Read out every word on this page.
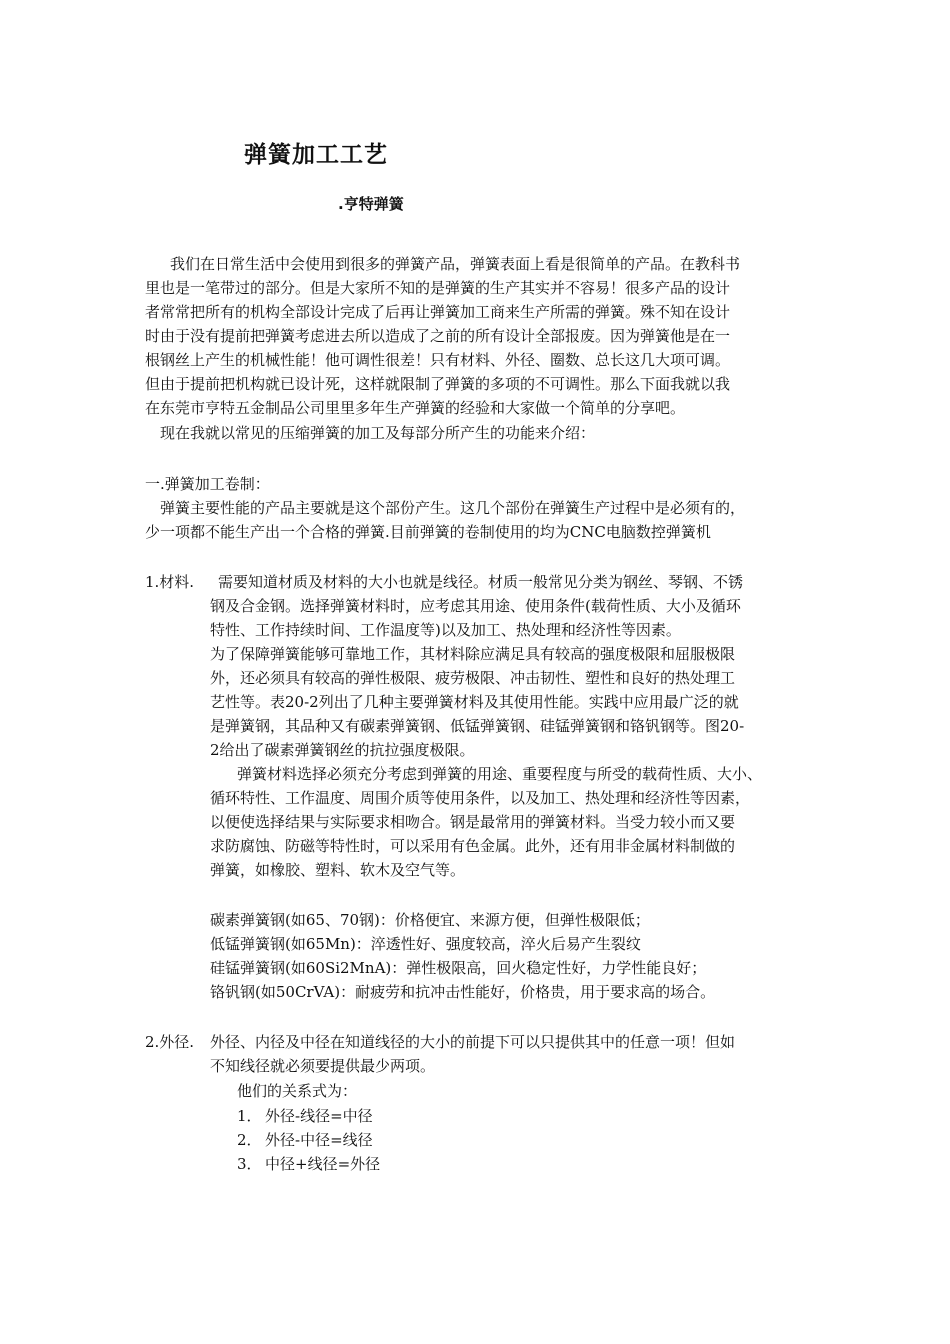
弹簧加工工艺

.亨特弹簧

我们在日常生活中会使用到很多的弹簧产品，弹簧表面上看是很简单的产品。在教科书

里也是一笔带过的部分。但是大家所不知的是弹簧的生产其实并不容易！很多产品的设计

者常常把所有的机构全部设计完成了后再让弹簧加工商来生产所需的弹簧。殊不知在设计

时由于没有提前把弹簧考虑进去所以造成了之前的所有设计全部报废。因为弹簧他是在一

根钢丝上产生的机械性能！他可调性很差！只有材料、外径、圈数、总长这几大项可调。

但由于提前把机构就已设计死，这样就限制了弹簧的多项的不可调性。那么下面我就以我

在东莞市亨特五金制品公司里里多年生产弹簧的经验和大家做一个简单的分享吧。

现在我就以常见的压缩弹簧的加工及每部分所产生的功能来介绍：

一.弹簧加工卷制：

弹簧主要性能的产品主要就是这个部份产生。这几个部份在弹簧生产过程中是必须有的，

少一项都不能生产出一个合格的弹簧.目前弹簧的卷制使用的均为CNC电脑数控弹簧机

1.材料. 需要知道材质及材料的大小也就是线径。材质一般常见分类为钢丝、琴钢、不锈

钢及合金钢。选择弹簧材料时，应考虑其用途、使用条件(载荷性质、大小及循环

特性、工作持续时间、工作温度等)以及加工、热处理和经济性等因素。

为了保障弹簧能够可靠地工作，其材料除应满足具有较高的强度极限和屈服极限

外，还必须具有较高的弹性极限、疲劳极限、冲击韧性、塑性和良好的热处理工

艺性等。表20-2列出了几种主要弹簧材料及其使用性能。实践中应用最广泛的就

是弹簧钢，其品种又有碳素弹簧钢、低锰弹簧钢、硅锰弹簧钢和铬钒钢等。图20-

2给出了碳素弹簧钢丝的抗拉强度极限。

弹簧材料选择必须充分考虑到弹簧的用途、重要程度与所受的载荷性质、大小、

循环特性、工作温度、周围介质等使用条件，以及加工、热处理和经济性等因素，

以便使选择结果与实际要求相吻合。钢是最常用的弹簧材料。当受力较小而又要

求防腐蚀、防磁等特性时，可以采用有色金属。此外，还有用非金属材料制做的

弹簧，如橡胶、塑料、软木及空气等。

碳素弹簧钢(如65、70钢)：价格便宜、来源方便，但弹性极限低；

低锰弹簧钢(如65Mn)：淬透性好、强度较高，淬火后易产生裂纹

硅锰弹簧钢(如60Si2MnA)：弹性极限高，回火稳定性好，力学性能良好；

铬钒钢(如50CrVA)：耐疲劳和抗冲击性能好，价格贵，用于要求高的场合。

2.外径. 外径、内径及中径在知道线径的大小的前提下可以只提供其中的任意一项！但如

不知线径就必须要提供最少两项。

他们的关系式为：

1． 外径-线径=中径

2． 外径-中径=线径

3． 中径+线径=外径
